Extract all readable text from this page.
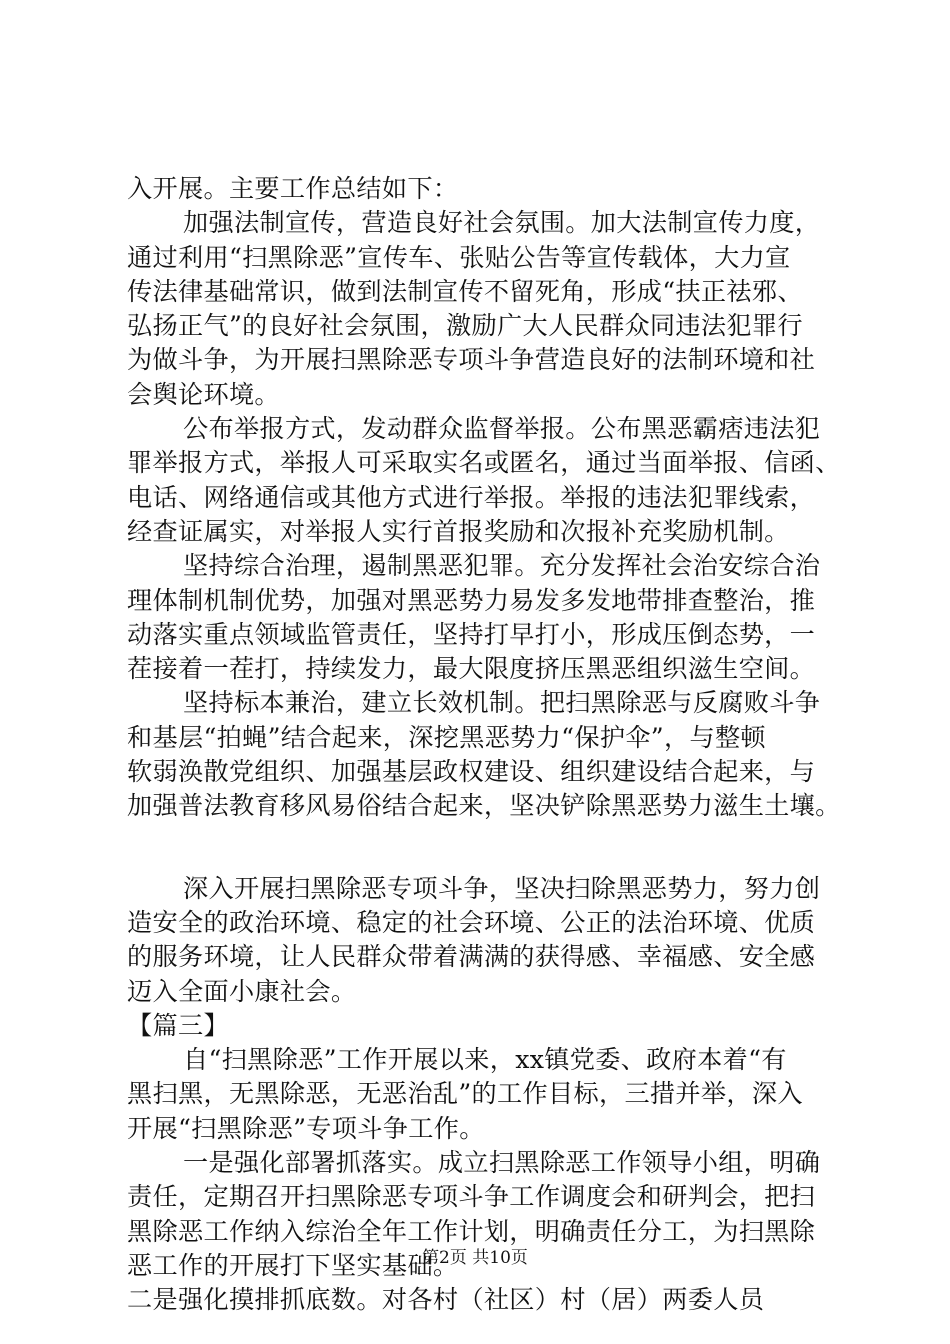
入开展。主要工作总结如下：
加强法制宣传，营造良好社会氛围。加大法制宣传力度，
通过利用“扫黑除恶”宣传车、张贴公告等宣传载体，大力宣
传法律基础常识，做到法制宣传不留死角，形成“扶正祛邪、
弘扬正气”的良好社会氛围，激励广大人民群众同违法犯罪行
为做斗争，为开展扫黑除恶专项斗争营造良好的法制环境和社
会舆论环境。
公布举报方式，发动群众监督举报。公布黑恶霸痞违法犯
罪举报方式，举报人可采取实名或匿名，通过当面举报、信函、
电话、网络通信或其他方式进行举报。举报的违法犯罪线索，
经查证属实，对举报人实行首报奖励和次报补充奖励机制。
坚持综合治理，遏制黑恶犯罪。充分发挥社会治安综合治
理体制机制优势，加强对黑恶势力易发多发地带排查整治，推
动落实重点领域监管责任，坚持打早打小，形成压倒态势，一
茬接着一茬打，持续发力，最大限度挤压黑恶组织滋生空间。
坚持标本兼治，建立长效机制。把扫黑除恶与反腐败斗争
和基层“拍蝇”结合起来，深挖黑恶势力“保护伞”，与整顿
软弱涣散党组织、加强基层政权建设、组织建设结合起来，与
加强普法教育移风易俗结合起来，坚决铲除黑恶势力滋生土壤。
深入开展扫黑除恶专项斗争，坚决扫除黑恶势力，努力创
造安全的政治环境、稳定的社会环境、公正的法治环境、优质
的服务环境，让人民群众带着满满的获得感、幸福感、安全感
迈入全面小康社会。
【篇三】
自“扫黑除恶”工作开展以来，xx镇党委、政府本着“有
黑扫黑，无黑除恶，无恶治乱”的工作目标，三措并举，深入
开展“扫黑除恶”专项斗争工作。
一是强化部署抓落实。成立扫黑除恶工作领导小组，明确
责任，定期召开扫黑除恶专项斗争工作调度会和研判会，把扫
黑除恶工作纳入综治全年工作计划，明确责任分工，为扫黑除
恶工作的开展打下坚实基础。
二是强化摸排抓底数。对各村（社区）村（居）两委人员
第2页 共10页
